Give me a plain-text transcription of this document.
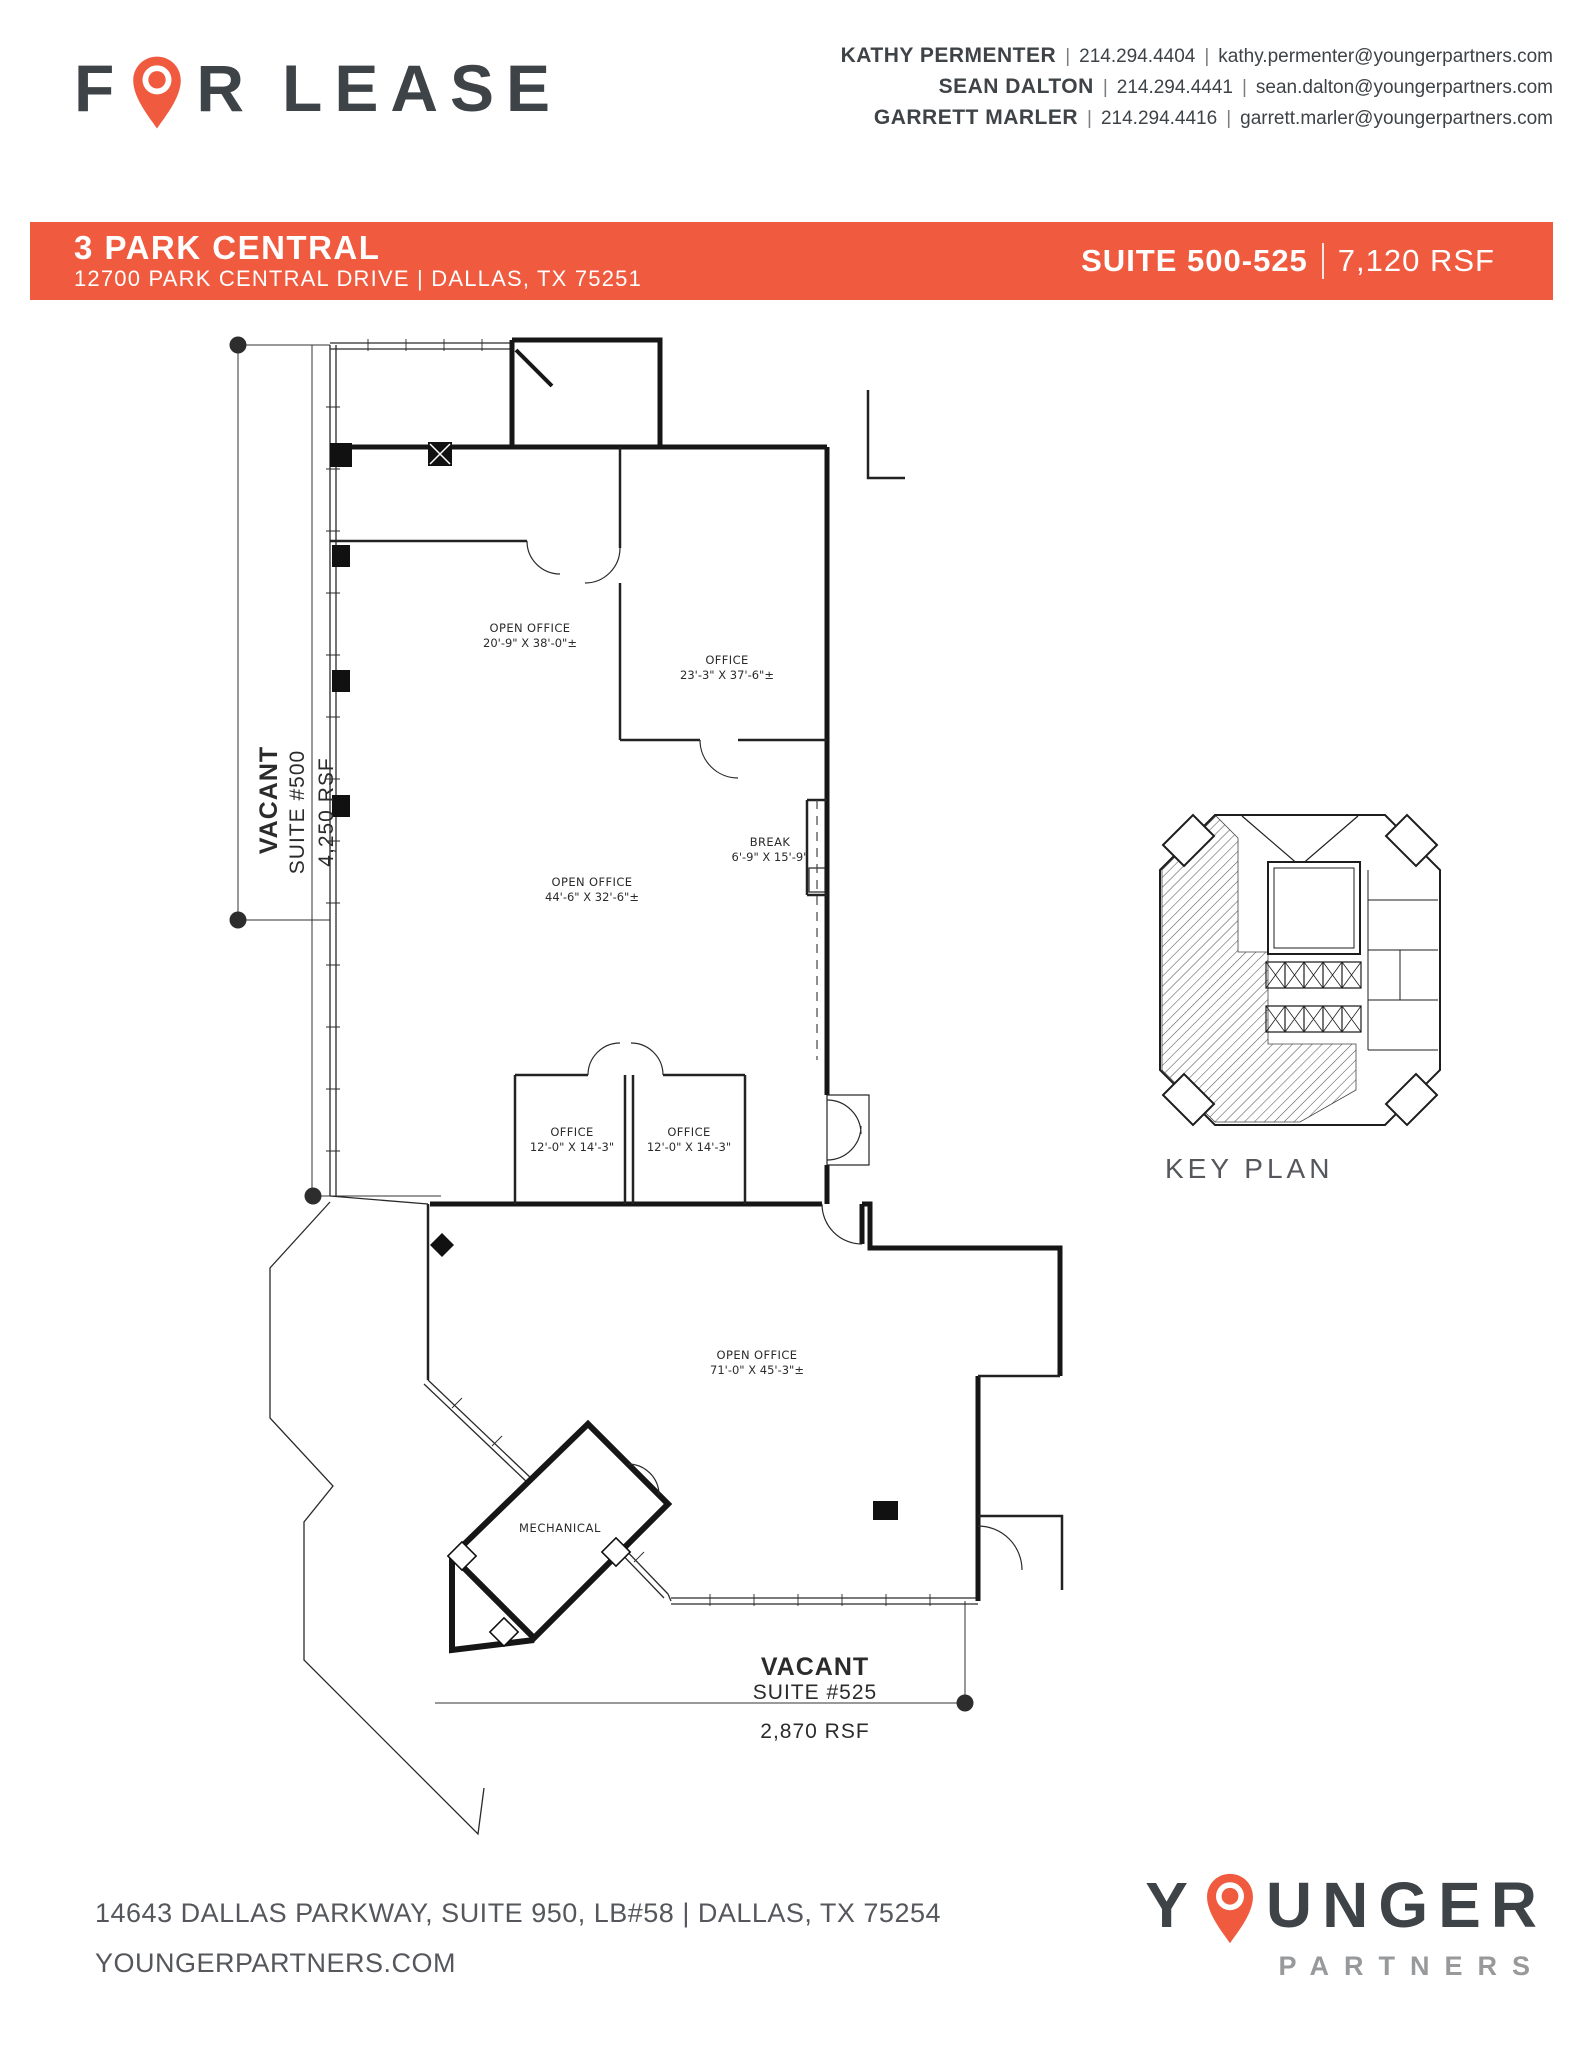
F R LEASE	KATHY PERMENTER | 214.294.4404 | kathy.permenter@youngerpartners.com
SEAN DALTON | 214.294.4441 | sean.dalton@youngerpartners.com
GARRETT MARLER | 214.294.4416 | garrett.marler@youngerpartners.com
3 PARK CENTRAL
12700 PARK CENTRAL DRIVE | DALLAS, TX 75251
SUITE 500-525 7,120 RSF
OPEN OFFICE
20'-9" X 38'-0"±
OFFICE
23'-3" X 37'-6"±
BREAK
6'-9" X 15'-9"
OPEN OFFICE
44'-6" X 32'-6"±
OFFICE
12'-0" X 14'-3"
OFFICE
12'-0" X 14'-3"
OPEN OFFICE
71'-0" X 45'-3"±
MECHANICAL
VACANT SUITE #500 4,250 RSF
VACANT
SUITE #525
2,870 RSF
KEY PLAN
14643 DALLAS PARKWAY, SUITE 950, LB#58 | DALLAS, TX 75254
YOUNGERPARTNERS.COM
Y UNGER
PARTNERS
